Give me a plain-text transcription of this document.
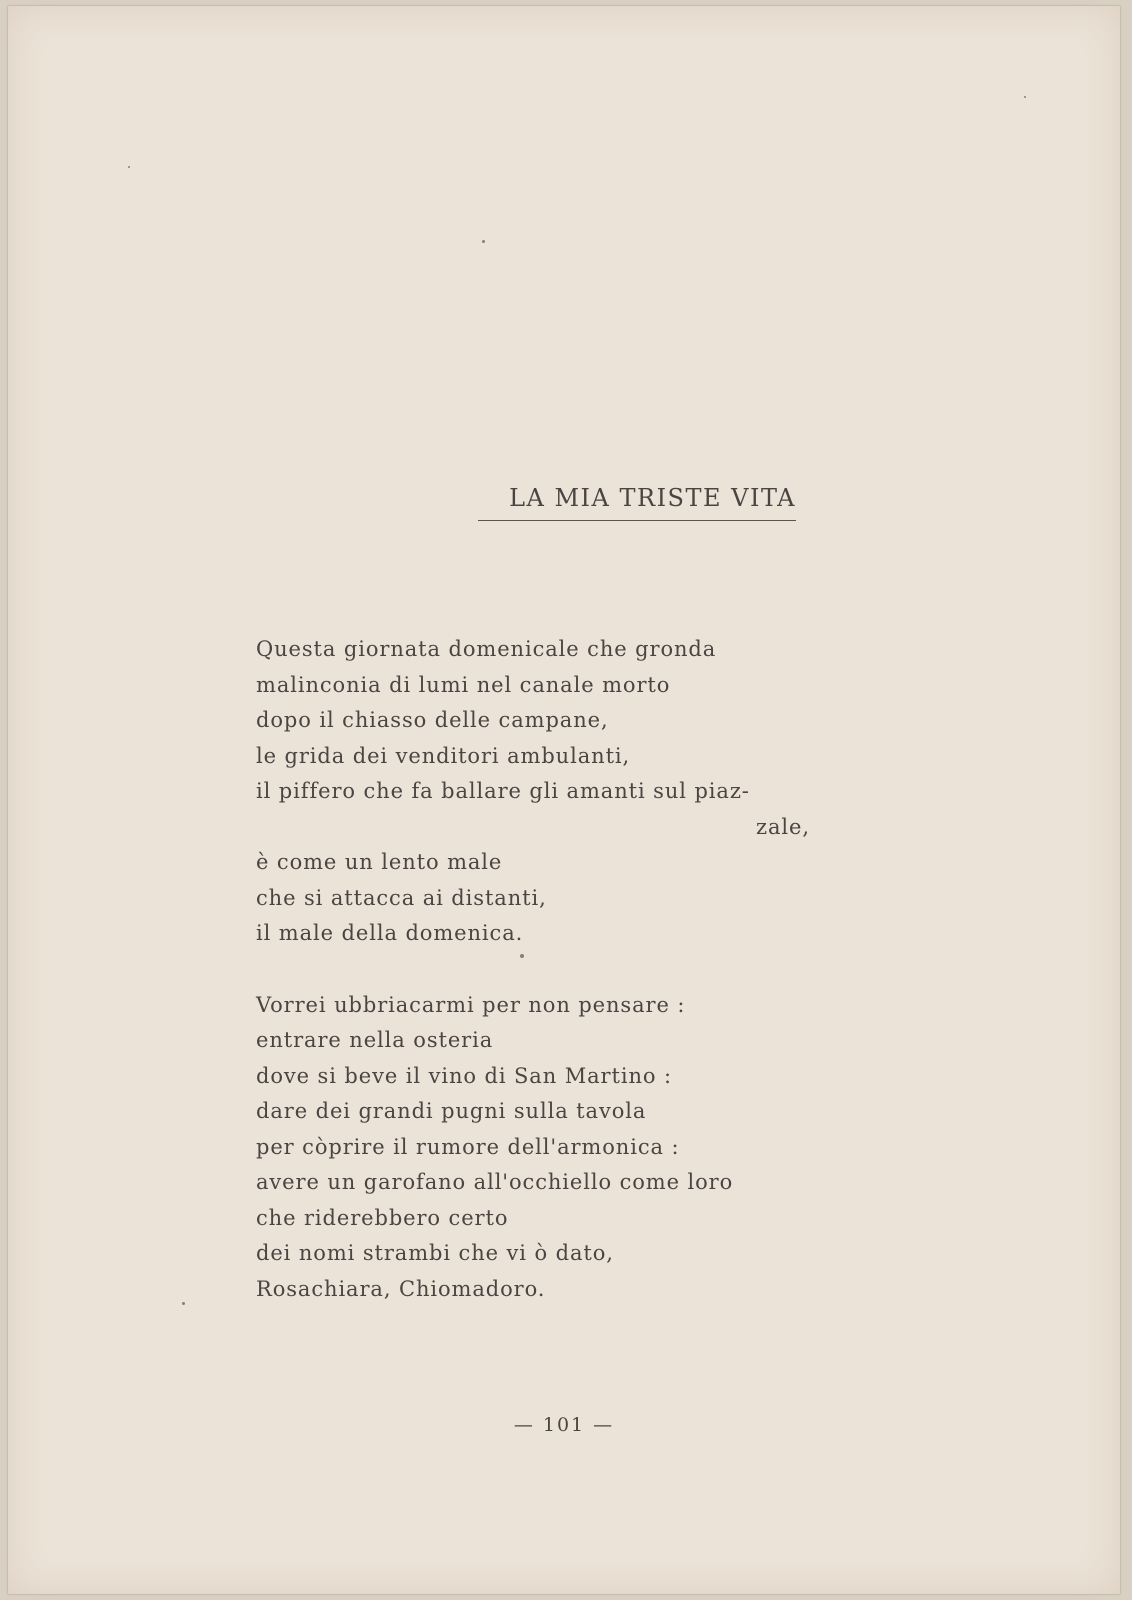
LA MIA TRISTE VITA
Questa giornata domenicale che gronda
malinconia di lumi nel canale morto
dopo il chiasso delle campane,
le grida dei venditori ambulanti,
il piffero che fa ballare gli amanti sul piaz-
zale,
è come un lento male
che si attacca ai distanti,
il male della domenica.
Vorrei ubbriacarmi per non pensare :
entrare nella osteria
dove si beve il vino di San Martino :
dare dei grandi pugni sulla tavola
per còprire il rumore dell'armonica :
avere un garofano all'occhiello come loro
che riderebbero certo
dei nomi strambi che vi ò dato,
Rosachiara, Chiomadoro.
— 101 —
